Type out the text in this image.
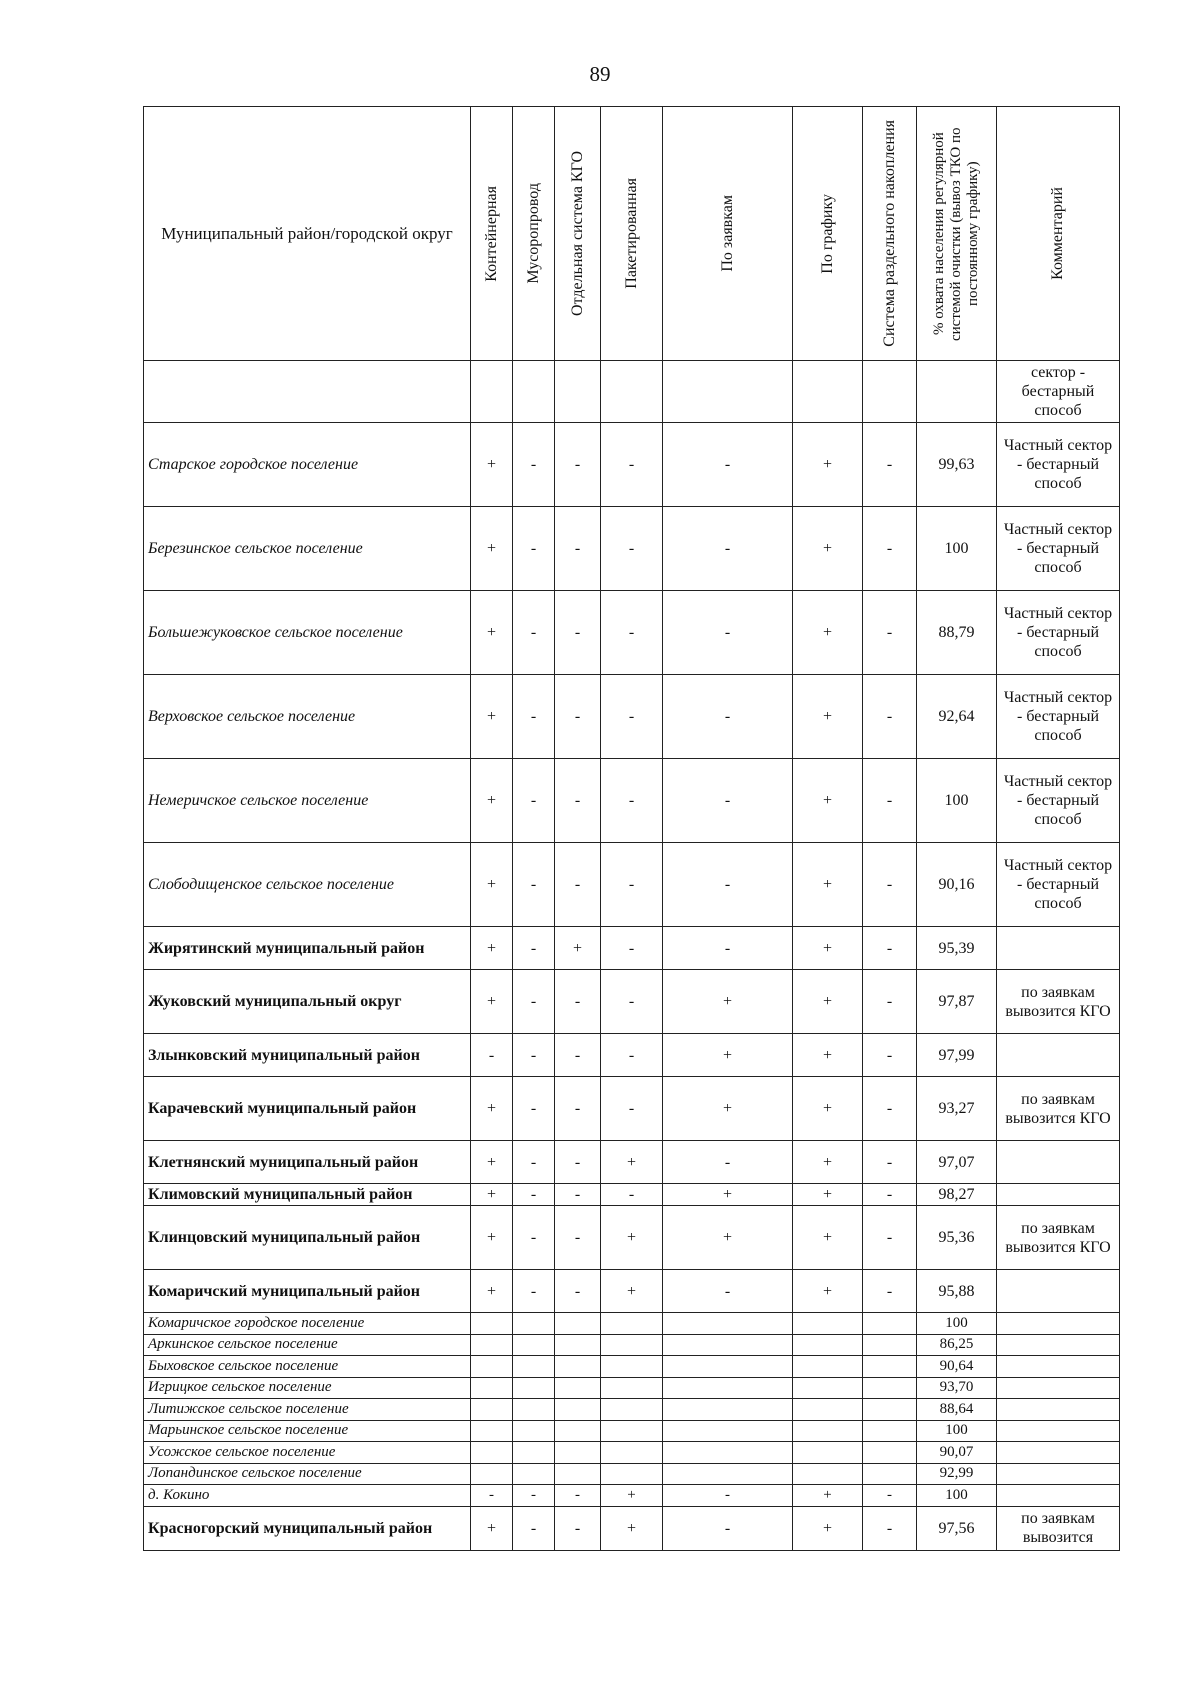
89
Муниципальный район/городской округ	Контейнерная	Мусоропровод	Отдельная система КГО	Пакетированная	По заявкам	По графику	Система раздельного накопления	% охвата населения регулярной системой очистки (вывоз ТКО по постоянному графику)	Комментарий

									сектор - бестарный способ
Старское городское поселение	+	-	-	-	-	+	-	99,63	Частный сектор - бестарный способ
Березинское сельское поселение	+	-	-	-	-	+	-	100	Частный сектор - бестарный способ
Большежуковское сельское поселение	+	-	-	-	-	+	-	88,79	Частный сектор - бестарный способ
Верховское сельское поселение	+	-	-	-	-	+	-	92,64	Частный сектор - бестарный способ
Немеричское сельское поселение	+	-	-	-	-	+	-	100	Частный сектор - бестарный способ
Слободищенское сельское поселение	+	-	-	-	-	+	-	90,16	Частный сектор - бестарный способ
Жирятинский муниципальный район	+	-	+	-	-	+	-	95,39	
Жуковский муниципальный округ	+	-	-	-	+	+	-	97,87	по заявкам вывозится КГО
Злынковский муниципальный район	-	-	-	-	+	+	-	97,99	
Карачевский муниципальный район	+	-	-	-	+	+	-	93,27	по заявкам вывозится КГО
Клетнянский муниципальный район	+	-	-	+	-	+	-	97,07	
Климовский муниципальный район	+	-	-	-	+	+	-	98,27	
Клинцовский муниципальный район	+	-	-	+	+	+	-	95,36	по заявкам вывозится КГО
Комаричский муниципальный район	+	-	-	+	-	+	-	95,88	
Комаричское городское поселение								100	
Аркинское сельское поселение								86,25	
Быховское сельское поселение								90,64	
Игрицкое сельское поселение								93,70	
Литижское сельское поселение								88,64	
Марьинское сельское поселение								100	
Усожское сельское поселение								90,07	
Лопандинское сельское поселение								92,99	
д. Кокино	-	-	-	+	-	+	-	100	
Красногорский муниципальный район	+	-	-	+	-	+	-	97,56	по заявкам вывозится
